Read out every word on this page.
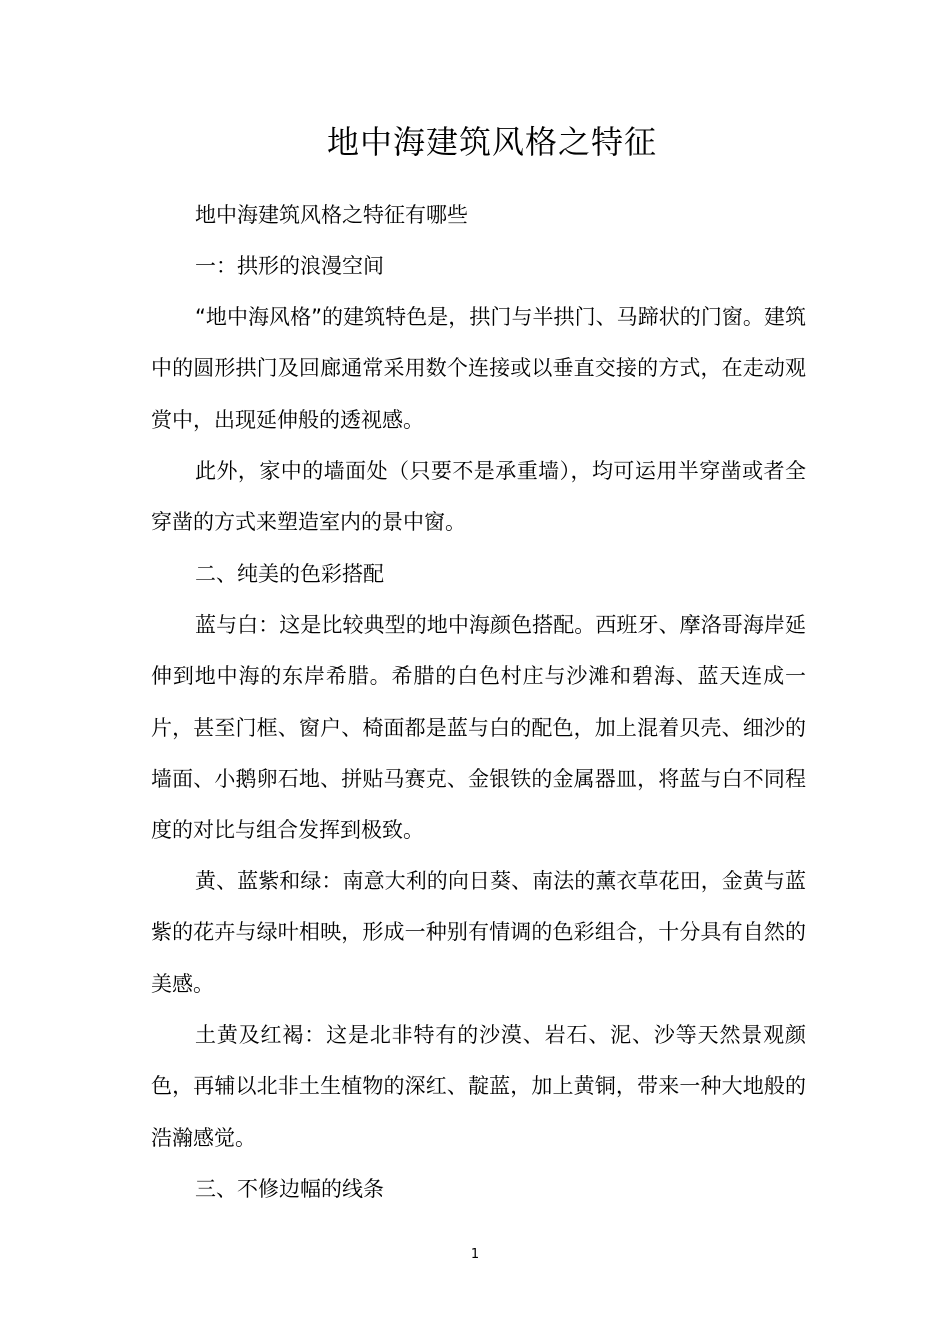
地中海建筑风格之特征

地中海建筑风格之特征有哪些

一：拱形的浪漫空间

“地中海风格”的建筑特色是，拱门与半拱门、马蹄状的门窗。建筑中的圆形拱门及回廊通常采用数个连接或以垂直交接的方式，在走动观赏中，出现延伸般的透视感。

此外，家中的墙面处（只要不是承重墙），均可运用半穿凿或者全穿凿的方式来塑造室内的景中窗。

二、纯美的色彩搭配

蓝与白：这是比较典型的地中海颜色搭配。西班牙、摩洛哥海岸延伸到地中海的东岸希腊。希腊的白色村庄与沙滩和碧海、蓝天连成一片，甚至门框、窗户、椅面都是蓝与白的配色，加上混着贝壳、细沙的墙面、小鹅卵石地、拼贴马赛克、金银铁的金属器皿，将蓝与白不同程度的对比与组合发挥到极致。

黄、蓝紫和绿：南意大利的向日葵、南法的薰衣草花田，金黄与蓝紫的花卉与绿叶相映，形成一种别有情调的色彩组合，十分具有自然的美感。

土黄及红褐：这是北非特有的沙漠、岩石、泥、沙等天然景观颜色，再辅以北非土生植物的深红、靛蓝，加上黄铜，带来一种大地般的浩瀚感觉。

三、不修边幅的线条

1
